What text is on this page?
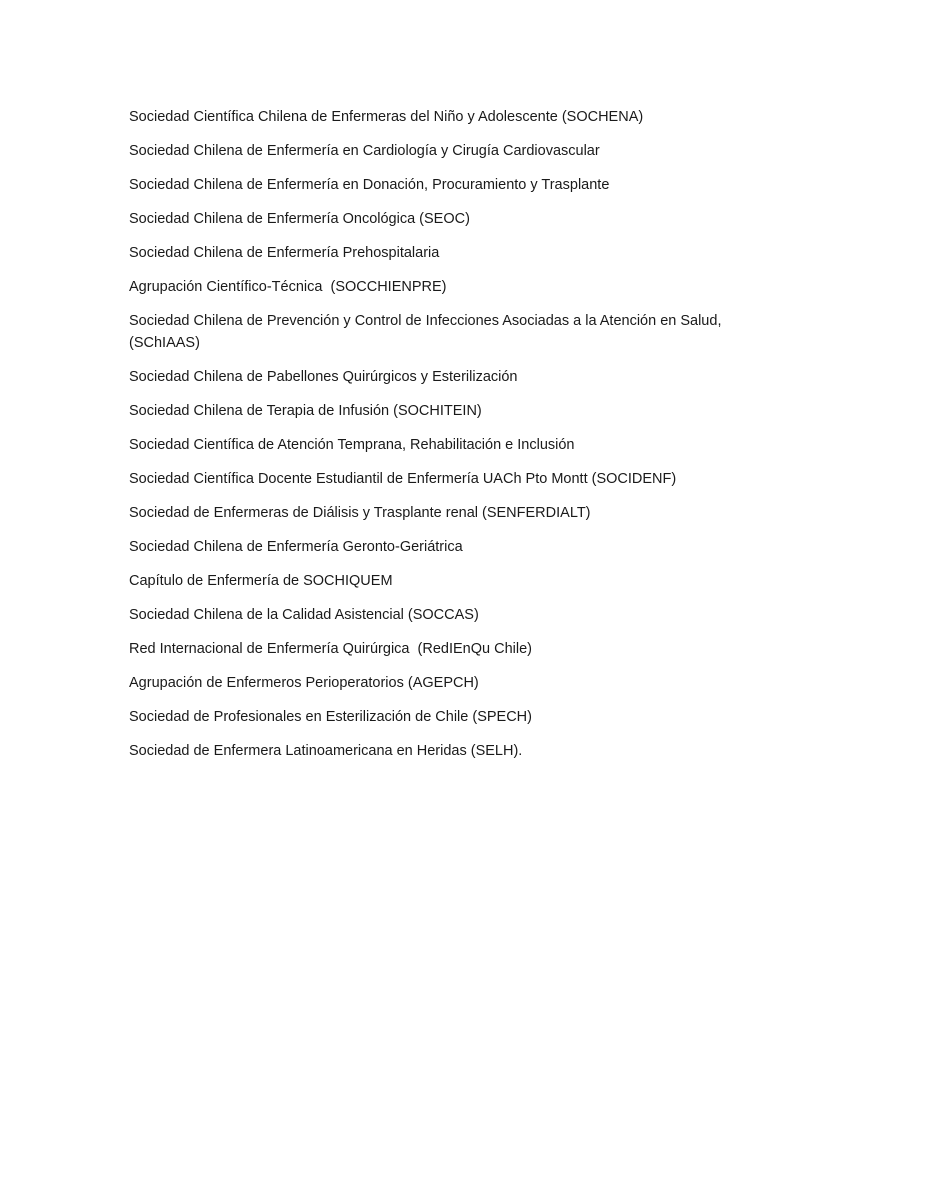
Sociedad Científica Chilena de Enfermeras del Niño y Adolescente (SOCHENA)
Sociedad Chilena de Enfermería en Cardiología y Cirugía Cardiovascular
Sociedad Chilena de Enfermería en Donación, Procuramiento y Trasplante
Sociedad Chilena de Enfermería Oncológica (SEOC)
Sociedad Chilena de Enfermería Prehospitalaria
Agrupación Científico-Técnica  (SOCCHIENPRE)
Sociedad Chilena de Prevención y Control de Infecciones Asociadas a la Atención en Salud,
(SChIAAS)
Sociedad Chilena de Pabellones Quirúrgicos y Esterilización
Sociedad Chilena de Terapia de Infusión (SOCHITEIN)
Sociedad Científica de Atención Temprana, Rehabilitación e Inclusión
Sociedad Científica Docente Estudiantil de Enfermería UACh Pto Montt (SOCIDENF)
Sociedad de Enfermeras de Diálisis y Trasplante renal (SENFERDIALT)
Sociedad Chilena de Enfermería Geronto-Geriátrica
Capítulo de Enfermería de SOCHIQUEM
Sociedad Chilena de la Calidad Asistencial (SOCCAS)
Red Internacional de Enfermería Quirúrgica  (RedIEnQu Chile)
Agrupación de Enfermeros Perioperatorios (AGEPCH)
Sociedad de Profesionales en Esterilización de Chile (SPECH)
Sociedad de Enfermera Latinoamericana en Heridas (SELH).
